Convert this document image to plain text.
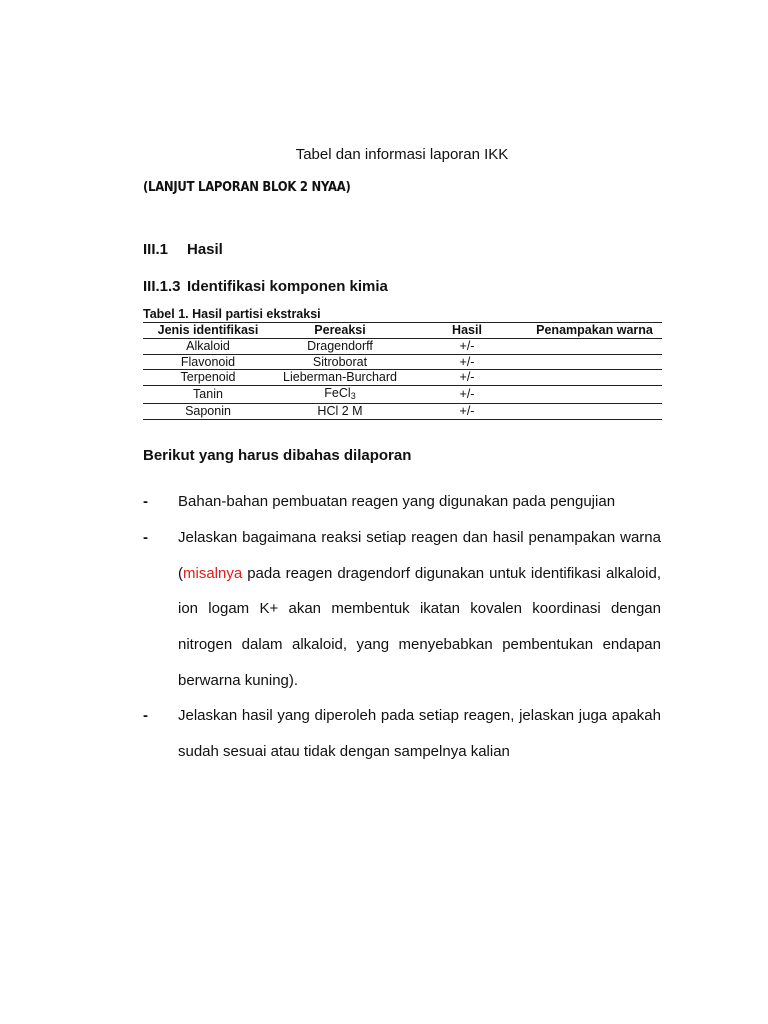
Tabel dan informasi laporan IKK
(LANJUT LAPORAN BLOK 2 NYAA)
III.1 Hasil
III.1.3 Identifikasi komponen kimia
Tabel 1. Hasil partisi ekstraksi
Jenis identifikasi	Pereaksi	Hasil	Penampakan warna
Alkaloid	Dragendorff	+/-	
Flavonoid	Sitroborat	+/-	
Terpenoid	Lieberman-Burchard	+/-	
Tanin	FeCl$_3$	+/-	
Saponin	HCl 2 M	+/-	
Berikut yang harus dibahas dilaporan
- Bahan-bahan pembuatan reagen yang digunakan pada pengujian
- Jelaskan bagaimana reaksi setiap reagen dan hasil penampakan warna (misalnya pada reagen dragendorf digunakan untuk identifikasi alkaloid, ion logam K+ akan membentuk ikatan kovalen koordinasi dengan nitrogen dalam alkaloid, yang menyebabkan pembentukan endapan berwarna kuning).
- Jelaskan hasil yang diperoleh pada setiap reagen, jelaskan juga apakah sudah sesuai atau tidak dengan sampelnya kalian
